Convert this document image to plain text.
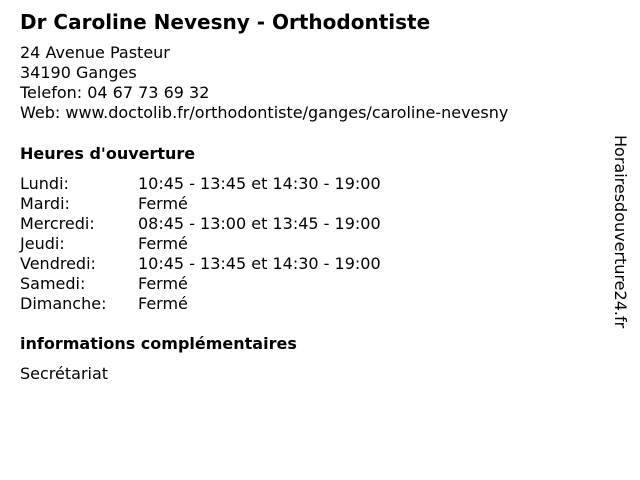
Dr Caroline Nevesny - Orthodontiste
24 Avenue Pasteur
34190 Ganges
Telefon: 04 67 73 69 32
Web: www.doctolib.fr/orthodontiste/ganges/caroline-nevesny
Heures d'ouverture
Lundi:	10:45 - 13:45 et 14:30 - 19:00
Mardi:	Fermé
Mercredi:	08:45 - 13:00 et 13:45 - 19:00
Jeudi:	Fermé
Vendredi:	10:45 - 13:45 et 14:30 - 19:00
Samedi:	Fermé
Dimanche:	Fermé
informations complémentaires
Secrétariat
Horairesdouverture24.fr
